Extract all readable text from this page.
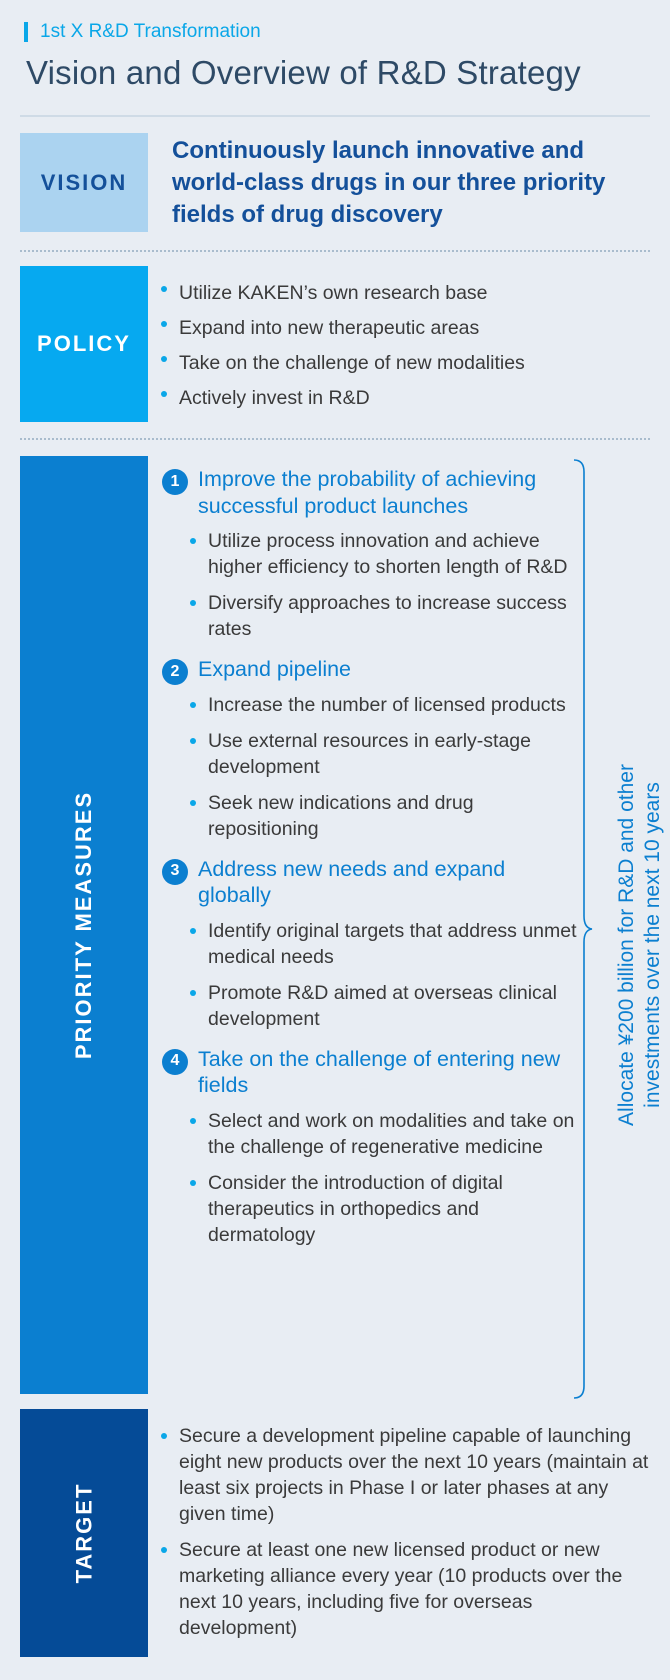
1st X R&D Transformation
Vision and Overview of R&D Strategy
VISION
Continuously launch innovative and world-class drugs in our three priority fields of drug discovery
POLICY
Utilize KAKEN’s own research base
Expand into new therapeutic areas
Take on the challenge of new modalities
Actively invest in R&D
PRIORITY MEASURES
1 Improve the probability of achieving successful product launches
Utilize process innovation and achieve higher efficiency to shorten length of R&D
Diversify approaches to increase success rates
2 Expand pipeline
Increase the number of licensed products
Use external resources in early-stage development
Seek new indications and drug repositioning
3 Address new needs and expand globally
Identify original targets that address unmet medical needs
Promote R&D aimed at overseas clinical development
4 Take on the challenge of entering new fields
Select and work on modalities and take on the challenge of regenerative medicine
Consider the introduction of digital therapeutics in orthopedics and dermatology
Allocate ¥200 billion for R&D and other investments over the next 10 years
TARGET
Secure a development pipeline capable of launching eight new products over the next 10 years (maintain at least six projects in Phase I or later phases at any given time)
Secure at least one new licensed product or new marketing alliance every year (10 products over the next 10 years, including five for overseas development)
